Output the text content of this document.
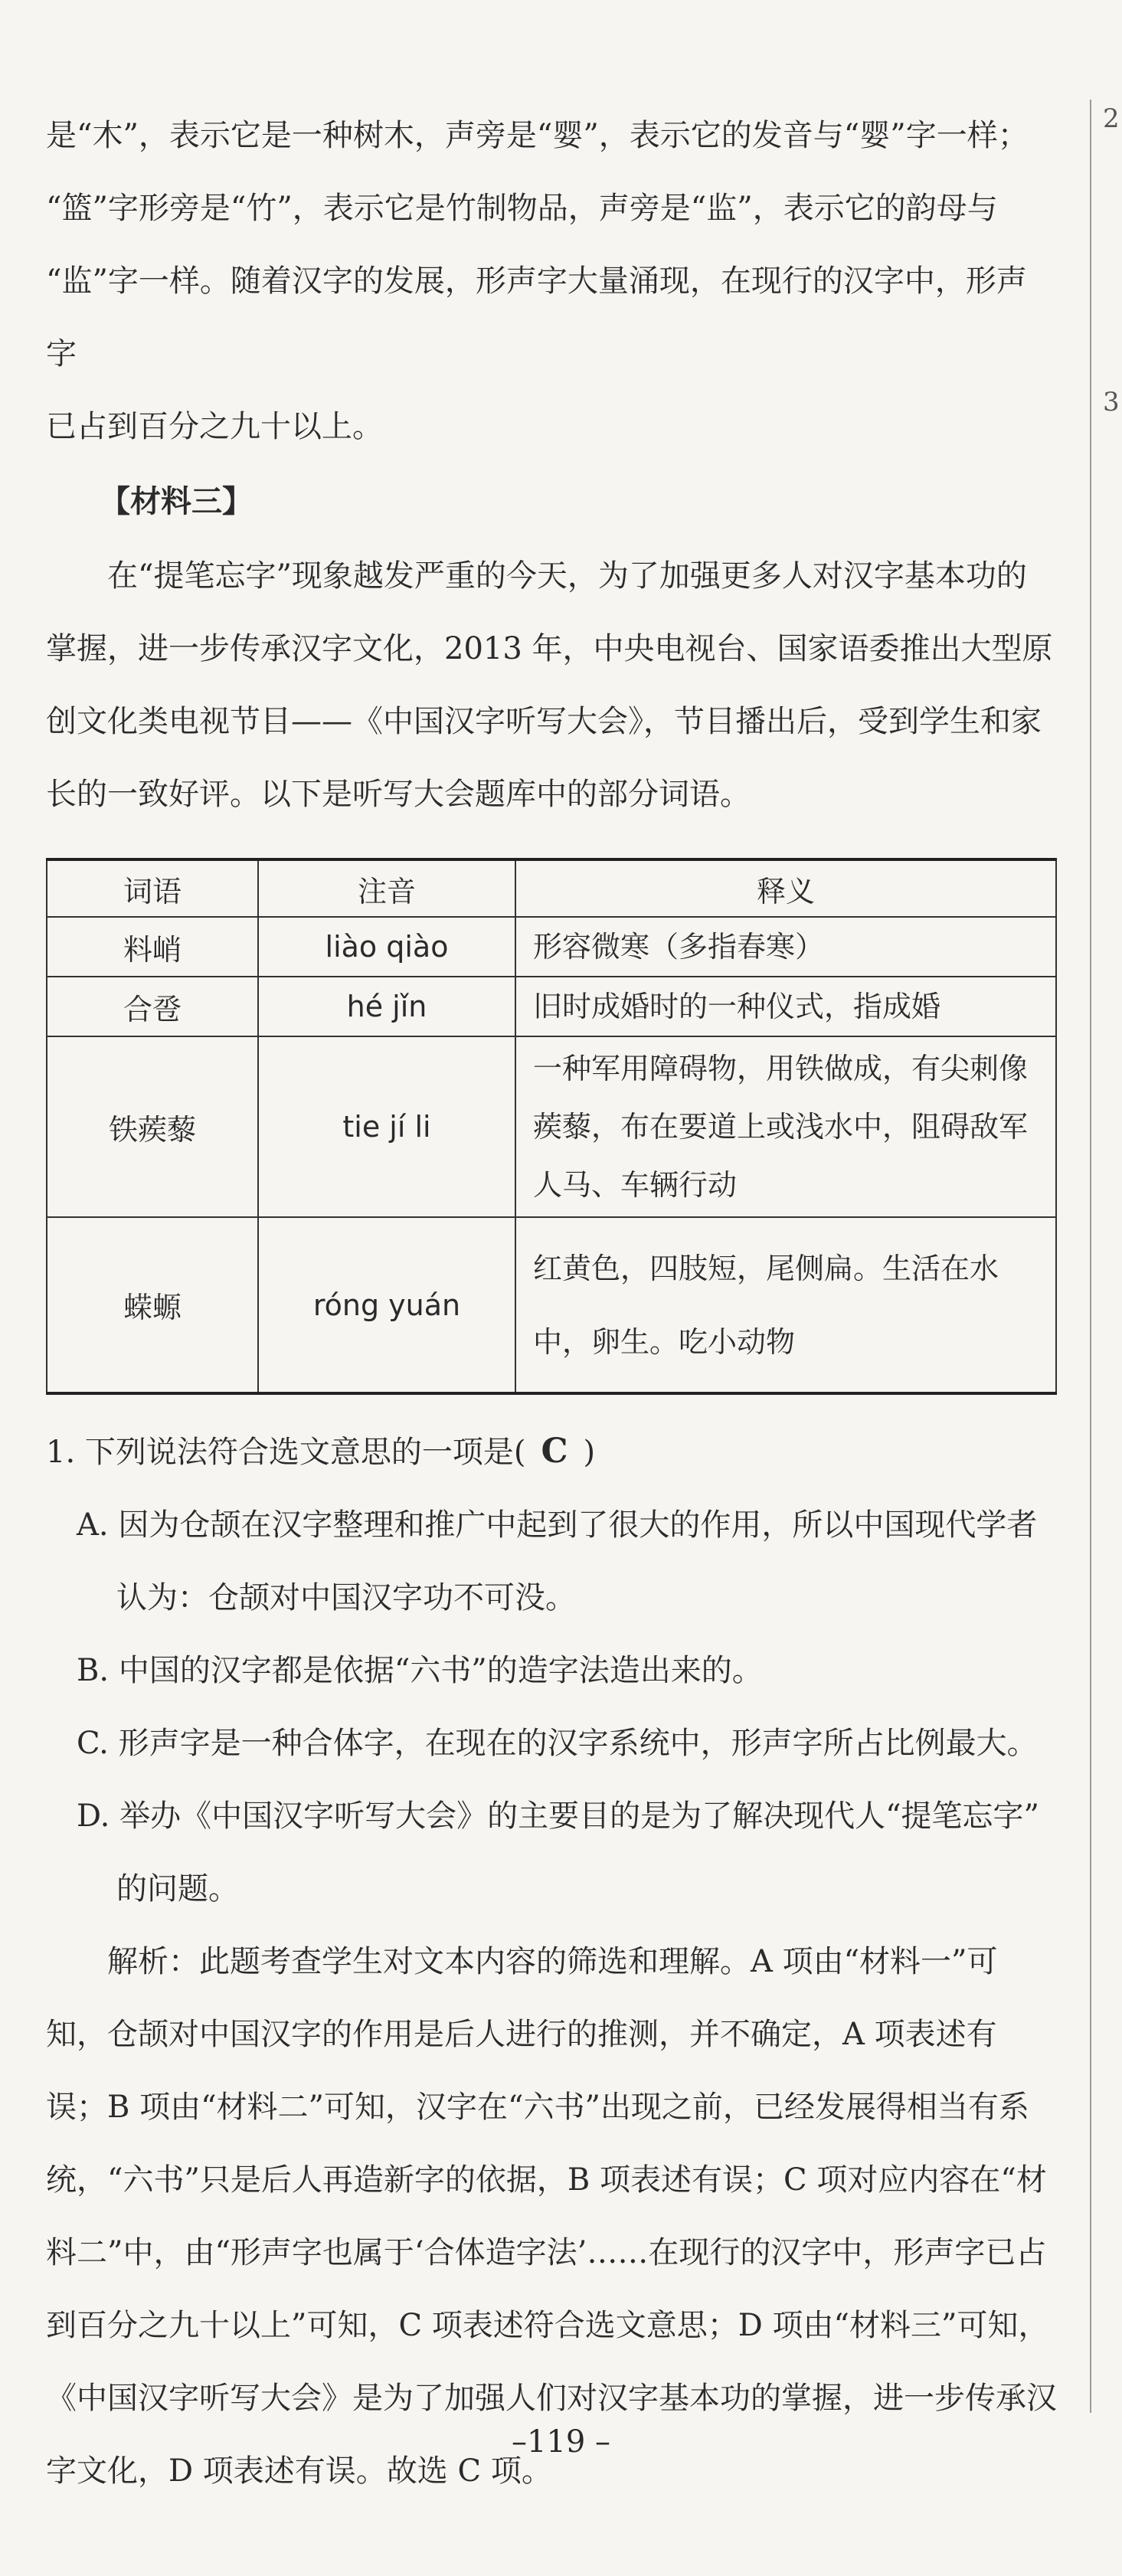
2
3

是“木”，表示它是一种树木，声旁是“婴”，表示它的发音与“婴”字一样；

“篮”字形旁是“竹”，表示它是竹制物品，声旁是“监”，表示它的韵母与

“监”字一样。随着汉字的发展，形声字大量涌现，在现行的汉字中，形声字

已占到百分之九十以上。

【材料三】

在“提笔忘字”现象越发严重的今天，为了加强更多人对汉字基本功的掌握，进一步传承汉字文化，2013 年，中央电视台、国家语委推出大型原创文化类电视节目——《中国汉字听写大会》，节目播出后，受到学生和家长的一致好评。以下是听写大会题库中的部分词语。

词语	注音	释义
料峭	liào qiào	形容微寒（多指春寒）
合卺	hé jǐn	旧时成婚时的一种仪式，指成婚
铁蒺藜	tie jí li	一种军用障碍物，用铁做成，有尖刺像蒺藜，布在要道上或浅水中，阻碍敌军人马、车辆行动
蝾螈	róng yuán	红黄色，四肢短，尾侧扁。生活在水中，卵生。吃小动物

1. 下列说法符合选文意思的一项是( C )

A. 因为仓颉在汉字整理和推广中起到了很大的作用，所以中国现代学者

认为：仓颉对中国汉字功不可没。

B. 中国的汉字都是依据“六书”的造字法造出来的。

C. 形声字是一种合体字，在现在的汉字系统中，形声字所占比例最大。

D. 举办《中国汉字听写大会》的主要目的是为了解决现代人“提笔忘字”

的问题。

解析：此题考查学生对文本内容的筛选和理解。A 项由“材料一”可知，仓颉对中国汉字的作用是后人进行的推测，并不确定，A 项表述有误；B 项由“材料二”可知，汉字在“六书”出现之前，已经发展得相当有系统，“六书”只是后人再造新字的依据，B 项表述有误；C 项对应内容在“材料二”中，由“形声字也属于‘合体造字法’……在现行的汉字中，形声字已占到百分之九十以上”可知，C 项表述符合选文意思；D 项由“材料三”可知，《中国汉字听写大会》是为了加强人们对汉字基本功的掌握，进一步传承汉字文化，D 项表述有误。故选 C 项。

–119 –
